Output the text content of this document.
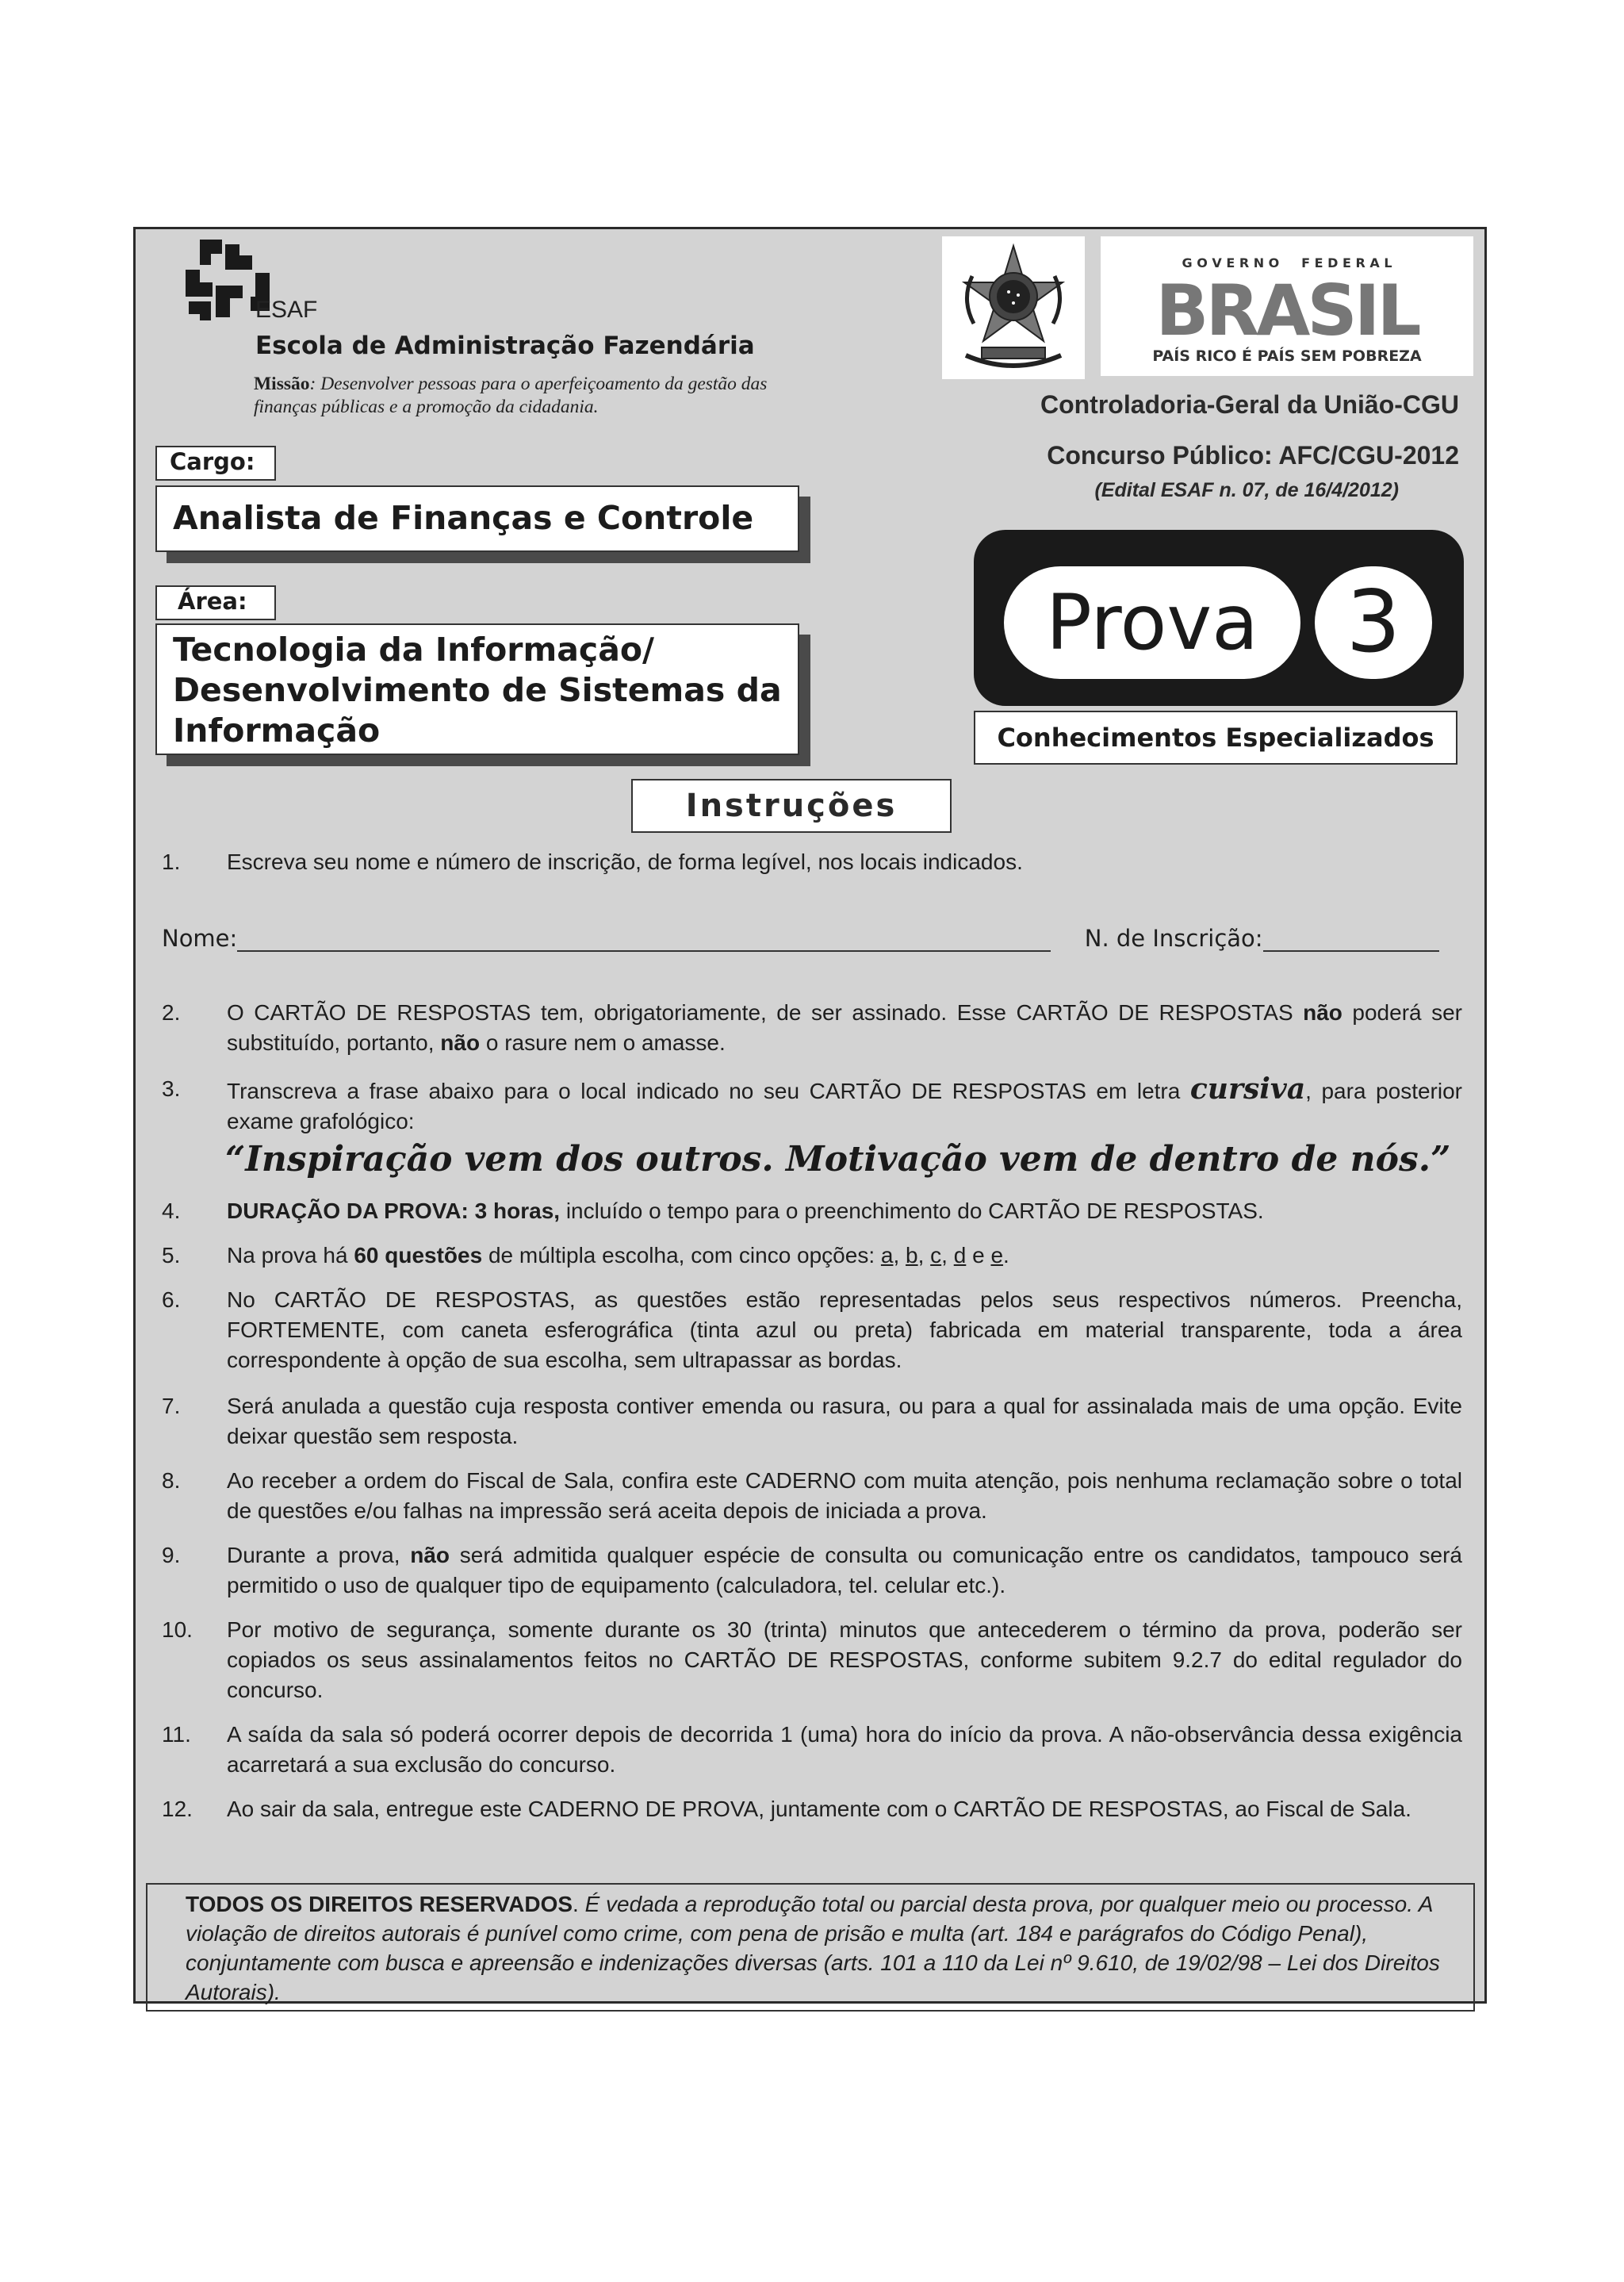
ESAF
Escola de Administração Fazendária
Missão: Desenvolver pessoas para o aperfeiçoamento da gestão das finanças públicas e a promoção da cidadania.
Cargo:
Analista de Finanças e Controle
Área:
Tecnologia da Informação/
Desenvolvimento de Sistemas da
Informação
G O V E R N O     F E D E R A L
BRASIL
PAÍS RICO É PAÍS SEM POBREZA
Controladoria-Geral da União-CGU
Concurso Público: AFC/CGU-2012
(Edital ESAF n. 07, de 16/4/2012)
Prova	3
Conhecimentos Especializados
Instruções
1. Escreva seu nome e número de inscrição, de forma legível, nos locais indicados.
Nome:	N. de Inscrição:
2. O CARTÃO DE RESPOSTAS tem, obrigatoriamente, de ser assinado. Esse CARTÃO DE RESPOSTAS não poderá ser substituído, portanto, não o rasure nem o amasse.
3. Transcreva a frase abaixo para o local indicado no seu CARTÃO DE RESPOSTAS em letra cursiva, para posterior exame grafológico:
“Inspiração vem dos outros. Motivação vem de dentro de nós.”
4. DURAÇÃO DA PROVA: 3 horas, incluído o tempo para o preenchimento do CARTÃO DE RESPOSTAS.
5. Na prova há 60 questões de múltipla escolha, com cinco opções: a, b, c, d e e.
6. No CARTÃO DE RESPOSTAS, as questões estão representadas pelos seus respectivos números. Preencha, FORTEMENTE, com caneta esferográfica (tinta azul ou preta) fabricada em material transparente, toda a área correspondente à opção de sua escolha, sem ultrapassar as bordas.
7. Será anulada a questão cuja resposta contiver emenda ou rasura, ou para a qual for assinalada mais de uma opção. Evite deixar questão sem resposta.
8. Ao receber a ordem do Fiscal de Sala, confira este CADERNO com muita atenção, pois nenhuma reclamação sobre o total de questões e/ou falhas na impressão será aceita depois de iniciada a prova.
9. Durante a prova, não será admitida qualquer espécie de consulta ou comunicação entre os candidatos, tampouco será permitido o uso de qualquer tipo de equipamento (calculadora, tel. celular etc.).
10. Por motivo de segurança, somente durante os 30 (trinta) minutos que antecederem o término da prova, poderão ser copiados os seus assinalamentos feitos no CARTÃO DE RESPOSTAS, conforme subitem 9.2.7 do edital regulador do concurso.
11. A saída da sala só poderá ocorrer depois de decorrida 1 (uma) hora do início da prova. A não-observância dessa exigência acarretará a sua exclusão do concurso.
12. Ao sair da sala, entregue este CADERNO DE PROVA, juntamente com o CARTÃO DE RESPOSTAS, ao Fiscal de Sala.
TODOS OS DIREITOS RESERVADOS. É vedada a reprodução total ou parcial desta prova, por qualquer meio ou processo. A violação de direitos autorais é punível como crime, com pena de prisão e multa (art. 184 e parágrafos do Código Penal), conjuntamente com busca e apreensão e indenizações diversas (arts. 101 a 110 da Lei nº 9.610, de 19/02/98 – Lei dos Direitos Autorais).
